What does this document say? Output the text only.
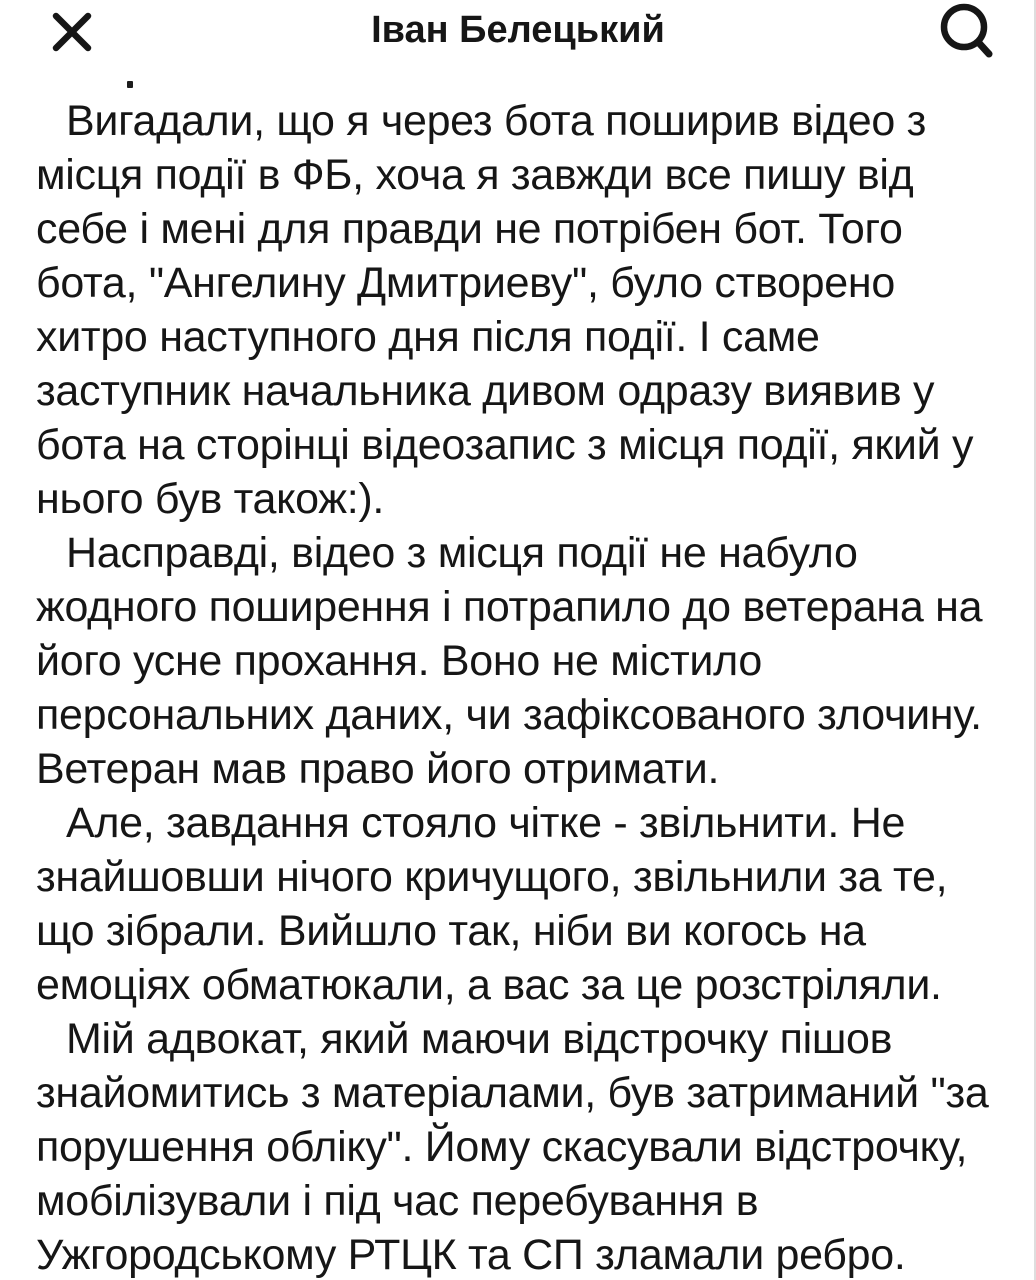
Іван Белецький
Вигадали, що я через бота поширив відео з
місця події в ФБ, хоча я завжди все пишу від
себе і мені для правди не потрібен бот. Того
бота, "Ангелину Дмитриеву", було створено
хитро наступного дня після події. І саме
заступник начальника дивом одразу виявив у
бота на сторінці відеозапис з місця події, який у
нього був також:).
Насправді, відео з місця події не набуло
жодного поширення і потрапило до ветерана на
його усне прохання. Воно не містило
персональних даних, чи зафіксованого злочину.
Ветеран мав право його отримати.
Але, завдання стояло чітке - звільнити. Не
знайшовши нічого кричущого, звільнили за те,
що зібрали. Вийшло так, ніби ви когось на
емоціях обматюкали, а вас за це розстріляли.
Мій адвокат, який маючи відстрочку пішов
знайомитись з матеріалами, був затриманий "за
порушення обліку". Йому скасували відстрочку,
мобілізували і під час перебування в
Ужгородському РТЦК та СП зламали ребро.
